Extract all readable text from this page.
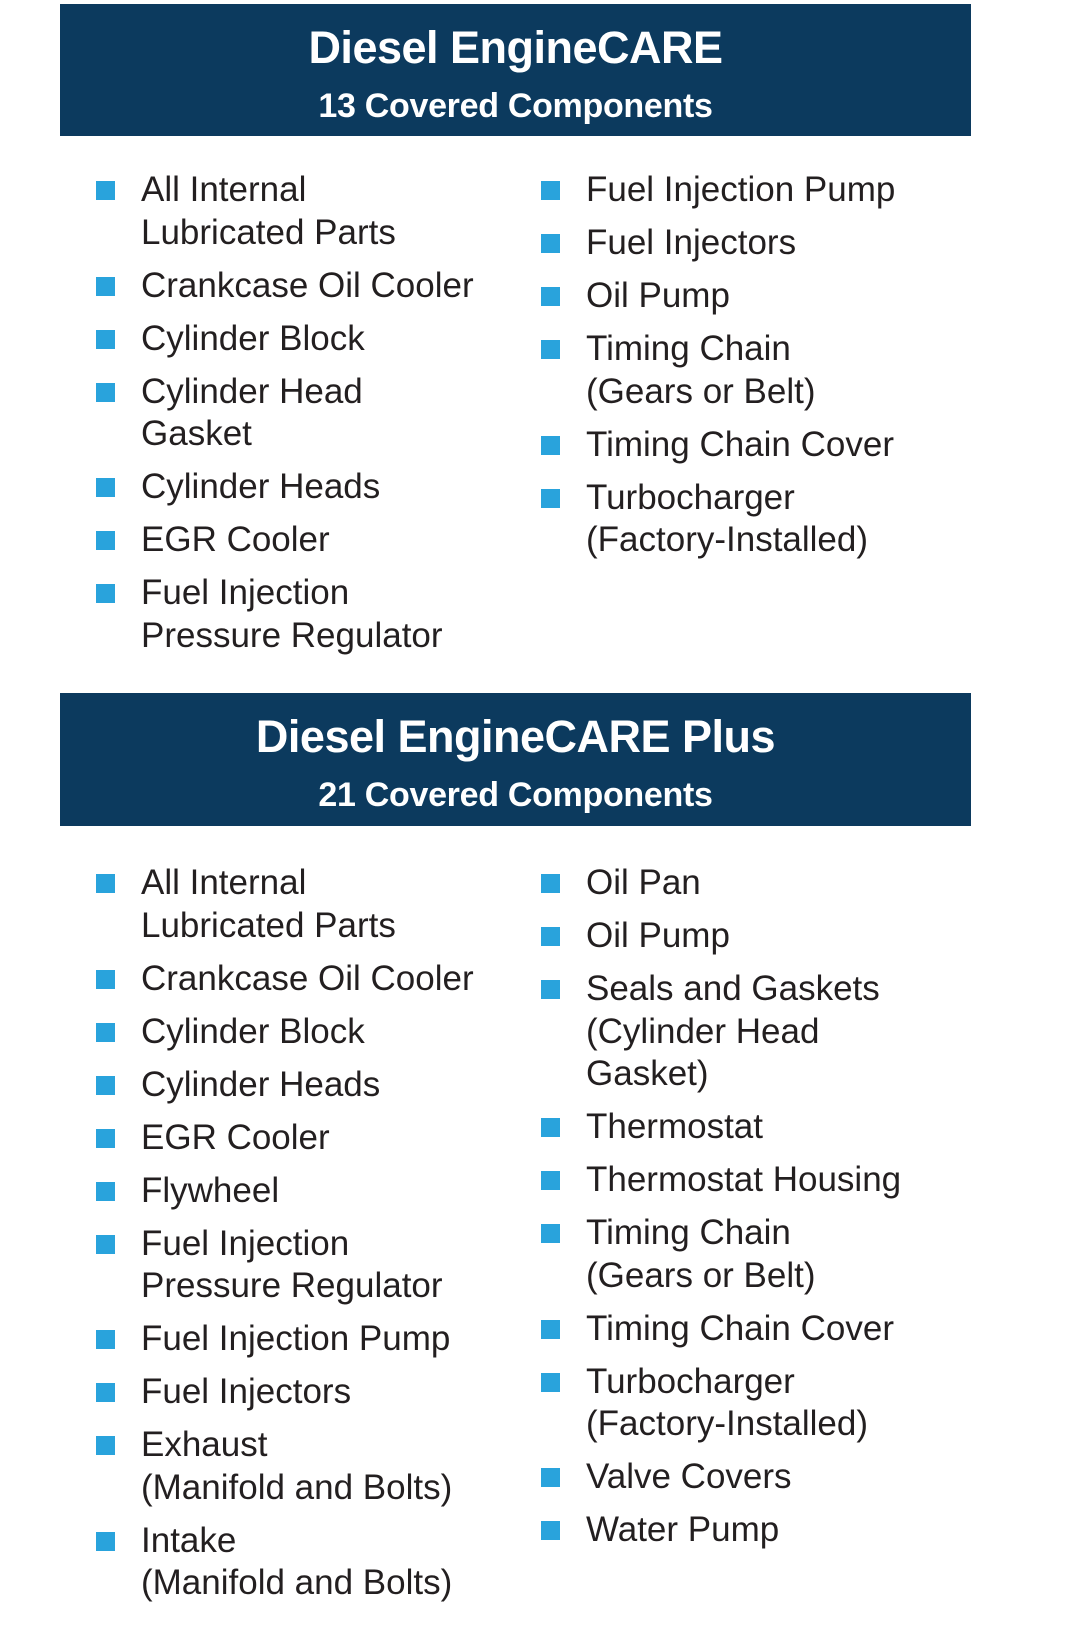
Diesel EngineCARE
13 Covered Components
All Internal
Lubricated Parts
Crankcase Oil Cooler
Cylinder Block
Cylinder Head
Gasket
Cylinder Heads
EGR Cooler
Fuel Injection
Pressure Regulator
Fuel Injection Pump
Fuel Injectors
Oil Pump
Timing Chain
(Gears or Belt)
Timing Chain Cover
Turbocharger
(Factory-Installed)
Diesel EngineCARE Plus
21 Covered Components
All Internal
Lubricated Parts
Crankcase Oil Cooler
Cylinder Block
Cylinder Heads
EGR Cooler
Flywheel
Fuel Injection
Pressure Regulator
Fuel Injection Pump
Fuel Injectors
Exhaust
(Manifold and Bolts)
Intake
(Manifold and Bolts)
Oil Pan
Oil Pump
Seals and Gaskets
(Cylinder Head
Gasket)
Thermostat
Thermostat Housing
Timing Chain
(Gears or Belt)
Timing Chain Cover
Turbocharger
(Factory-Installed)
Valve Covers
Water Pump
